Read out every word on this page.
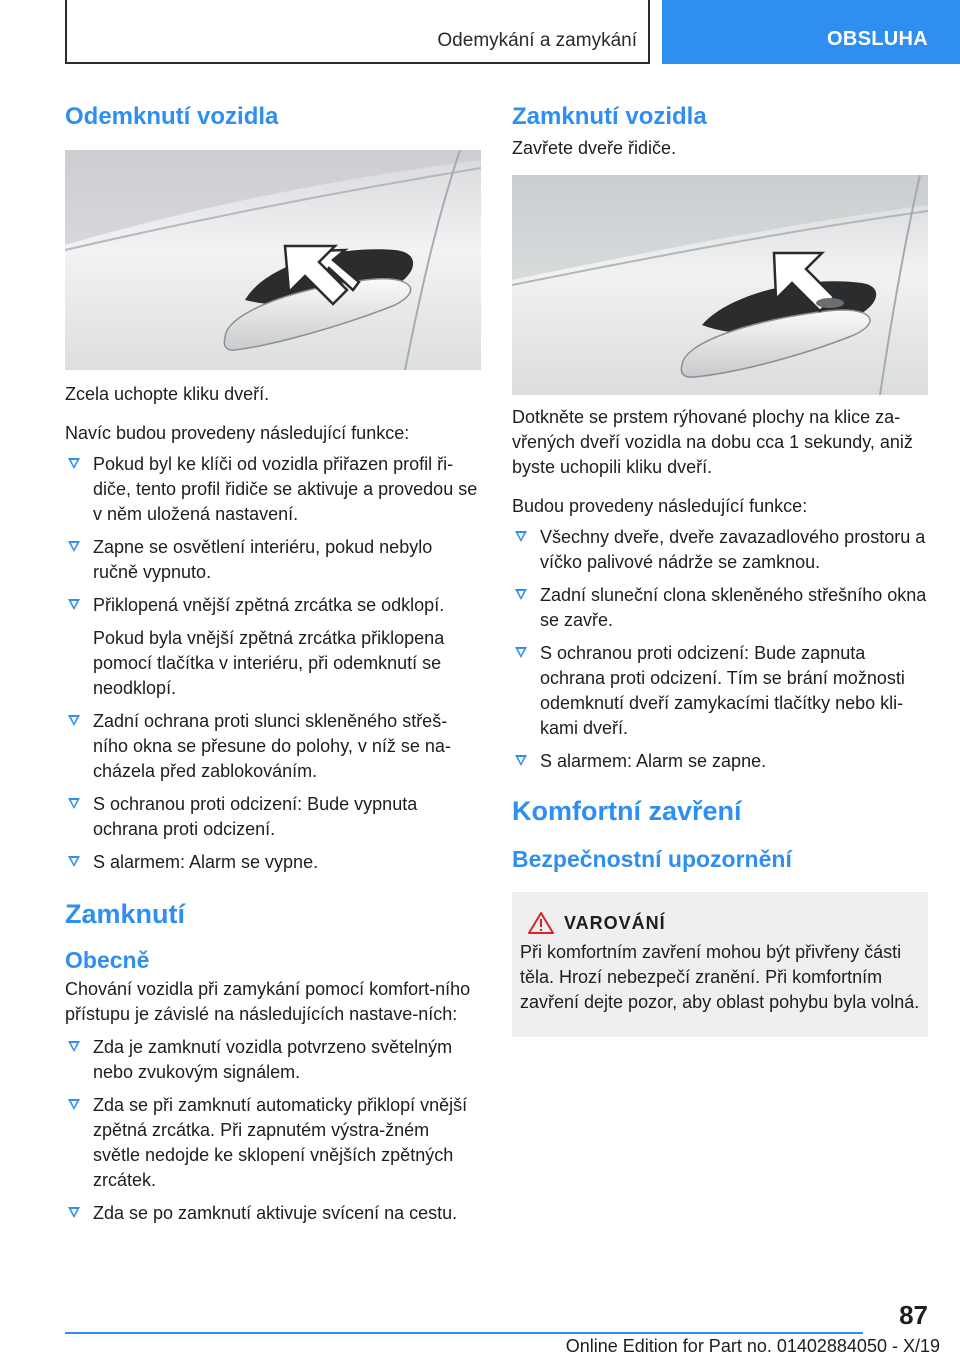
Odemykání a zamykání	OBSLUHA
Odemknutí vozidla

Zcela uchopte kliku dveří.

Navíc budou provedeny následující funkce:

Pokud byl ke klíči od vozidla přiřazen profil ři-diče, tento profil řidiče se aktivuje a provedou se v něm uložená nastavení.
Zapne se osvětlení interiéru, pokud nebylo ručně vypnuto.
Přiklopená vnější zpětná zrcátka se odklopí.
Pokud byla vnější zpětná zrcátka přiklopena pomocí tlačítka v interiéru, při odemknutí se neodklopí.
Zadní ochrana proti slunci skleněného střeš-ního okna se přesune do polohy, v níž se na-cházela před zablokováním.
S ochranou proti odcizení: Bude vypnuta ochrana proti odcizení.
S alarmem: Alarm se vypne.
Zamknutí
Obecně

Chování vozidla při zamykání pomocí komfort-ního přístupu je závislé na následujících nastave-ních:

Zda je zamknutí vozidla potvrzeno světelným nebo zvukovým signálem.
Zda se při zamknutí automaticky přiklopí vnější zpětná zrcátka. Při zapnutém výstra-žném světle nedojde ke sklopení vnějších zpětných zrcátek.
Zda se po zamknutí aktivuje svícení na cestu.
Zamknutí vozidla

Zavřete dveře řidiče.

Dotkněte se prstem rýhované plochy na klice za-vřených dveří vozidla na dobu cca 1 sekundy, aniž byste uchopili kliku dveří.

Budou provedeny následující funkce:

Všechny dveře, dveře zavazadlového prostoru a víčko palivové nádrže se zamknou.
Zadní sluneční clona skleněného střešního okna se zavře.
S ochranou proti odcizení: Bude zapnuta ochrana proti odcizení. Tím se brání možnosti odemknutí dveří zamykacími tlačítky nebo kli-kami dveří.
S alarmem: Alarm se zapne.
Komfortní zavření
Bezpečnostní upozornění
VAROVÁNÍ

Při komfortním zavření mohou být přivřeny části těla. Hrozí nebezpečí zranění. Při komfortním zavření dejte pozor, aby oblast pohybu byla volná.

87
Online Edition for Part no. 01402884050 - X/19
